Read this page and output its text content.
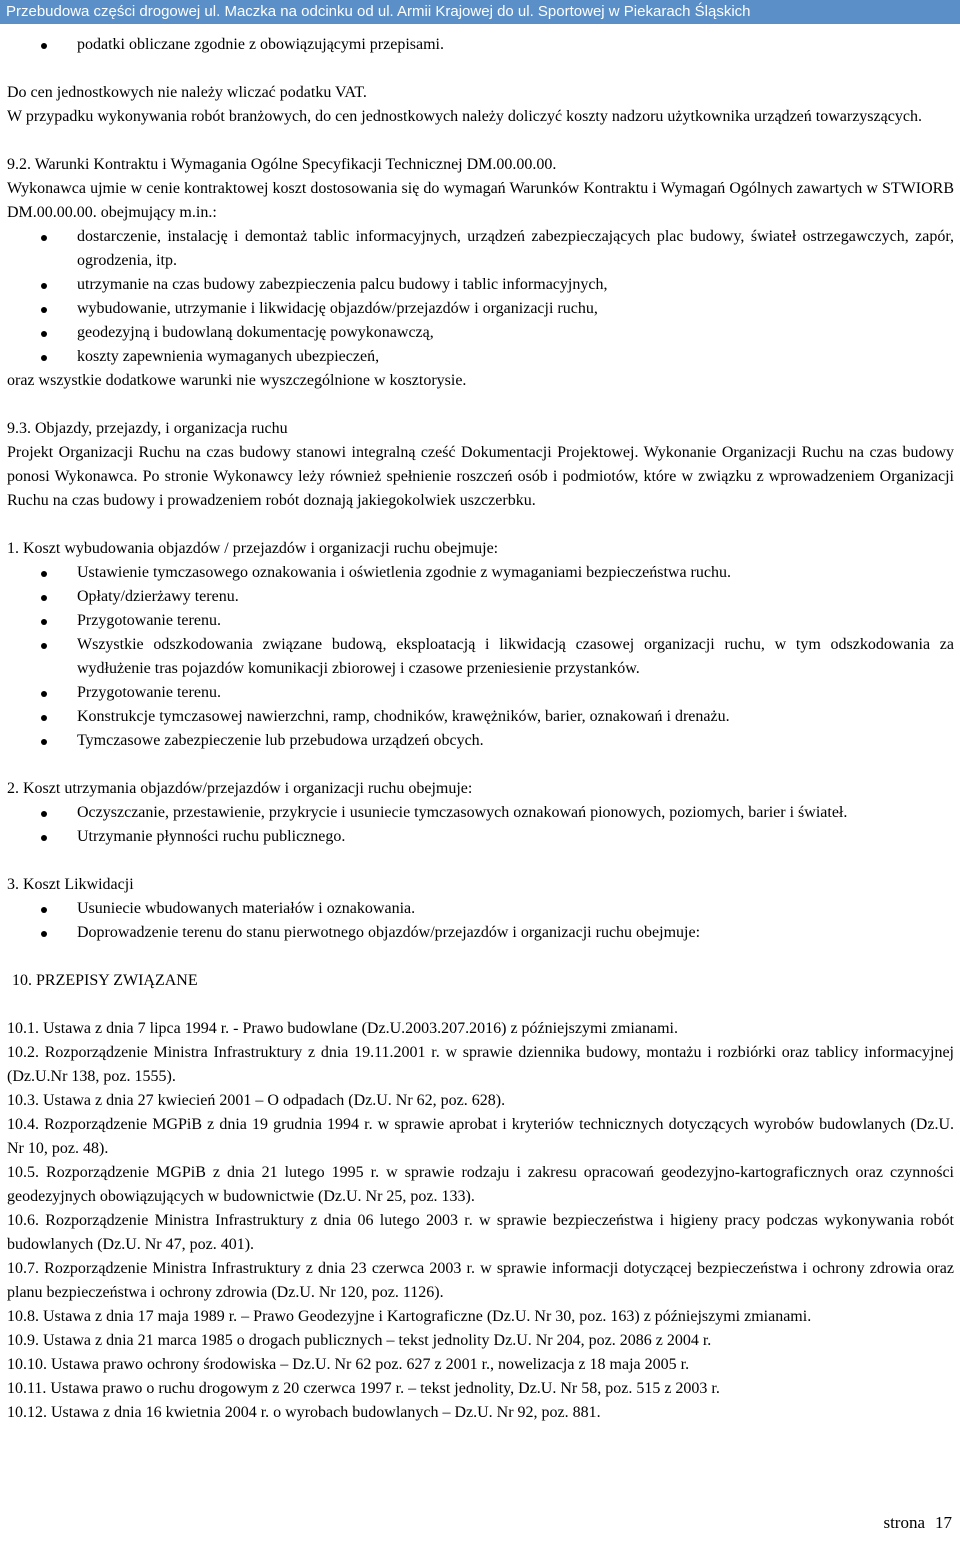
Przebudowa części drogowej ul. Maczka na odcinku od ul. Armii Krajowej do ul. Sportowej w Piekarach Śląskich
podatki obliczane zgodnie z obowiązującymi przepisami.

Do cen jednostkowych nie należy wliczać podatku VAT.

W przypadku wykonywania robót branżowych, do cen jednostkowych należy doliczyć koszty nadzoru użytkownika urządzeń towarzyszących.

9.2. Warunki Kontraktu i Wymagania Ogólne Specyfikacji Technicznej DM.00.00.00.

Wykonawca ujmie w cenie kontraktowej koszt dostosowania się do wymagań Warunków Kontraktu i Wymagań Ogólnych zawartych w STWIORB DM.00.00.00. obejmujący m.in.:

dostarczenie, instalację i demontaż tablic informacyjnych, urządzeń zabezpieczających plac budowy, świateł ostrzegawczych, zapór, ogrodzenia, itp.
utrzymanie na czas budowy zabezpieczenia palcu budowy i tablic informacyjnych,
wybudowanie, utrzymanie i likwidację objazdów/przejazdów i organizacji ruchu,
geodezyjną i budowlaną dokumentację powykonawczą,
koszty zapewnienia wymaganych ubezpieczeń,

oraz wszystkie dodatkowe warunki nie wyszczególnione w kosztorysie.

9.3. Objazdy, przejazdy, i organizacja ruchu

Projekt Organizacji Ruchu na czas budowy stanowi integralną cześć Dokumentacji Projektowej. Wykonanie Organizacji Ruchu na czas budowy ponosi Wykonawca. Po stronie Wykonawcy leży również spełnienie roszczeń osób i podmiotów, które w związku z wprowadzeniem Organizacji Ruchu na czas budowy i prowadzeniem robót doznają jakiegokolwiek uszczerbku.

1. Koszt wybudowania objazdów / przejazdów i organizacji ruchu obejmuje:

Ustawienie tymczasowego oznakowania i oświetlenia zgodnie z wymaganiami bezpieczeństwa ruchu.
Opłaty/dzierżawy terenu.
Przygotowanie terenu.
Wszystkie odszkodowania związane budową, eksploatacją i likwidacją czasowej organizacji ruchu, w tym odszkodowania za wydłużenie tras pojazdów komunikacji zbiorowej i czasowe przeniesienie przystanków.
Przygotowanie terenu.
Konstrukcje tymczasowej nawierzchni, ramp, chodników, krawężników, barier, oznakowań i drenażu.
Tymczasowe zabezpieczenie lub przebudowa urządzeń obcych.

2. Koszt utrzymania objazdów/przejazdów i organizacji ruchu obejmuje:

Oczyszczanie, przestawienie, przykrycie i usuniecie tymczasowych oznakowań pionowych, poziomych, barier i świateł.
Utrzymanie płynności ruchu publicznego.

3. Koszt Likwidacji

Usuniecie wbudowanych materiałów i oznakowania.
Doprowadzenie terenu do stanu pierwotnego objazdów/przejazdów i organizacji ruchu obejmuje:

10. PRZEPISY ZWIĄZANE

10.1. Ustawa z dnia 7 lipca 1994 r. - Prawo budowlane (Dz.U.2003.207.2016) z późniejszymi zmianami.

10.2. Rozporządzenie Ministra Infrastruktury z dnia 19.11.2001 r. w sprawie dziennika budowy, montażu i rozbiórki oraz tablicy informacyjnej (Dz.U.Nr 138, poz. 1555).

10.3. Ustawa z dnia 27 kwiecień 2001 – O odpadach (Dz.U. Nr 62, poz. 628).

10.4. Rozporządzenie MGPiB z dnia 19 grudnia 1994 r. w sprawie aprobat i kryteriów technicznych dotyczących wyrobów budowlanych (Dz.U. Nr 10, poz. 48).

10.5. Rozporządzenie MGPiB z dnia 21 lutego 1995 r. w sprawie rodzaju i zakresu opracowań geodezyjno-kartograficznych oraz czynności geodezyjnych obowiązujących w budownictwie (Dz.U. Nr 25, poz. 133).

10.6. Rozporządzenie Ministra Infrastruktury z dnia 06 lutego 2003 r. w sprawie bezpieczeństwa i higieny pracy podczas wykonywania robót budowlanych (Dz.U. Nr 47, poz. 401).

10.7. Rozporządzenie Ministra Infrastruktury z dnia 23 czerwca 2003 r. w sprawie informacji dotyczącej bezpieczeństwa i ochrony zdrowia oraz planu bezpieczeństwa i ochrony zdrowia (Dz.U. Nr 120, poz. 1126).

10.8. Ustawa z dnia 17 maja 1989 r. – Prawo Geodezyjne i Kartograficzne (Dz.U. Nr 30, poz. 163) z późniejszymi zmianami.

10.9. Ustawa z dnia 21 marca 1985 o drogach publicznych – tekst jednolity Dz.U. Nr 204, poz. 2086 z 2004 r.

10.10. Ustawa prawo ochrony środowiska – Dz.U. Nr 62 poz. 627 z 2001 r., nowelizacja z 18 maja 2005 r.

10.11. Ustawa prawo o ruchu drogowym z 20 czerwca 1997 r. – tekst jednolity, Dz.U. Nr 58, poz. 515 z 2003 r.

10.12. Ustawa z dnia 16 kwietnia 2004 r. o wyrobach budowlanych – Dz.U. Nr 92, poz. 881.

strona 17
